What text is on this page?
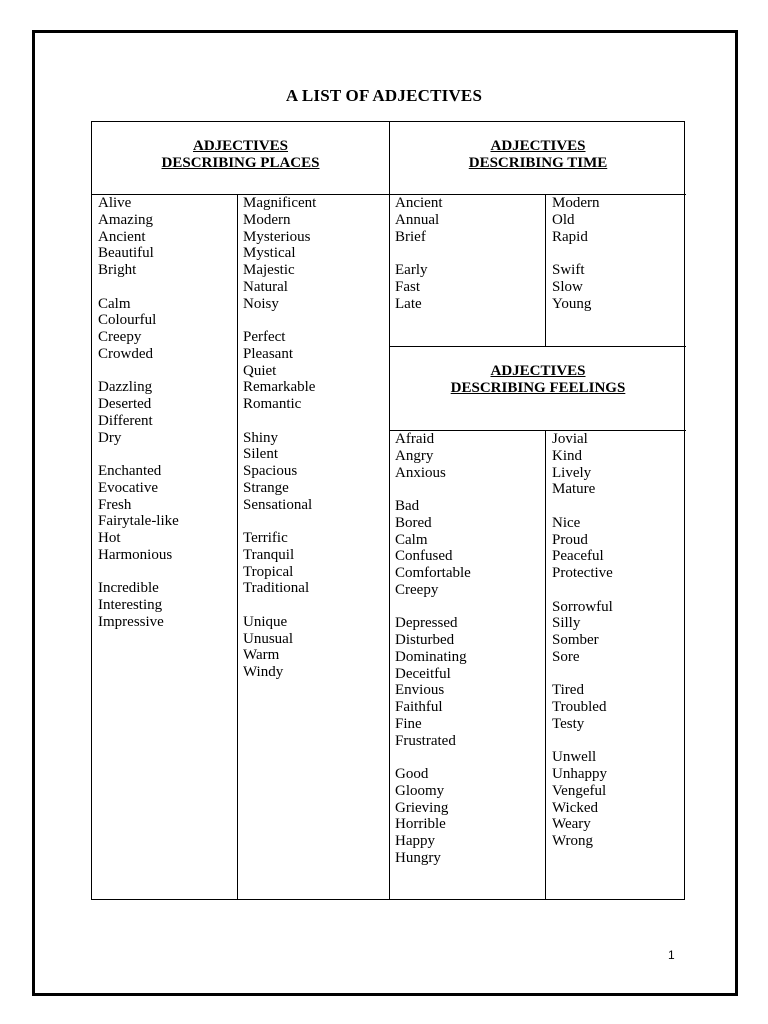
A LIST OF ADJECTIVES
ADJECTIVES
DESCRIBING PLACES
ADJECTIVES
DESCRIBING TIME
ADJECTIVES
DESCRIBING FEELINGS
Alive
Amazing
Ancient
Beautiful
Bright
Calm
Colourful
Creepy
Crowded
Dazzling
Deserted
Different
Dry
Enchanted
Evocative
Fresh
Fairytale-like
Hot
Harmonious
Incredible
Interesting
Impressive
Magnificent
Modern
Mysterious
Mystical
Majestic
Natural
Noisy
Perfect
Pleasant
Quiet
Remarkable
Romantic
Shiny
Silent
Spacious
Strange
Sensational
Terrific
Tranquil
Tropical
Traditional
Unique
Unusual
Warm
Windy
Ancient
Annual
Brief
Early
Fast
Late
Modern
Old
Rapid
Swift
Slow
Young
Afraid
Angry
Anxious
Bad
Bored
Calm
Confused
Comfortable
Creepy
Depressed
Disturbed
Dominating
Deceitful
Envious
Faithful
Fine
Frustrated
Good
Gloomy
Grieving
Horrible
Happy
Hungry
Jovial
Kind
Lively
Mature
Nice
Proud
Peaceful
Protective
Sorrowful
Silly
Somber
Sore
Tired
Troubled
Testy
Unwell
Unhappy
Vengeful
Wicked
Weary
Wrong
1
